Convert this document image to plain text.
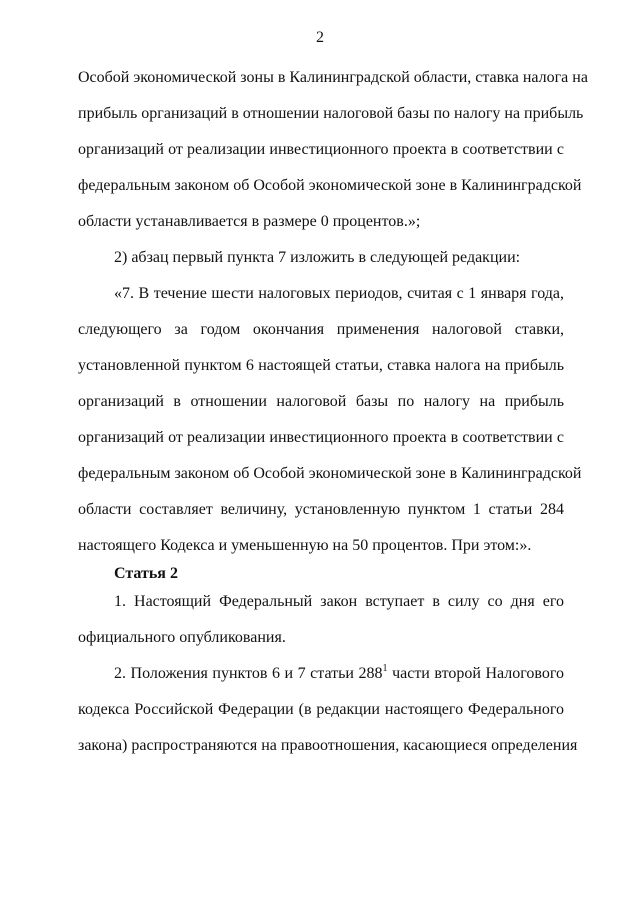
2
Особой экономической зоны в Калининградской области, ставка налога на
прибыль организаций в отношении налоговой базы по налогу на прибыль
организаций от реализации инвестиционного проекта в соответствии с
федеральным законом об Особой экономической зоне в Калининградской
области устанавливается в размере 0 процентов.»;
2) абзац первый пункта 7 изложить в следующей редакции:
«7. В течение шести налоговых периодов, считая с 1 января года,
следующего за годом окончания применения налоговой ставки,
установленной пунктом 6 настоящей статьи, ставка налога на прибыль
организаций в отношении налоговой базы по налогу на прибыль
организаций от реализации инвестиционного проекта в соответствии с
федеральным законом об Особой экономической зоне в Калининградской
области составляет величину, установленную пунктом 1 статьи 284
настоящего Кодекса и уменьшенную на 50 процентов. При этом:».
Статья 2
1. Настоящий Федеральный закон вступает в силу со дня его
официального опубликования.
2. Положения пунктов 6 и 7 статьи $288^1$ части второй Налогового
кодекса Российской Федерации (в редакции настоящего Федерального
закона) распространяются на правоотношения, касающиеся определения
